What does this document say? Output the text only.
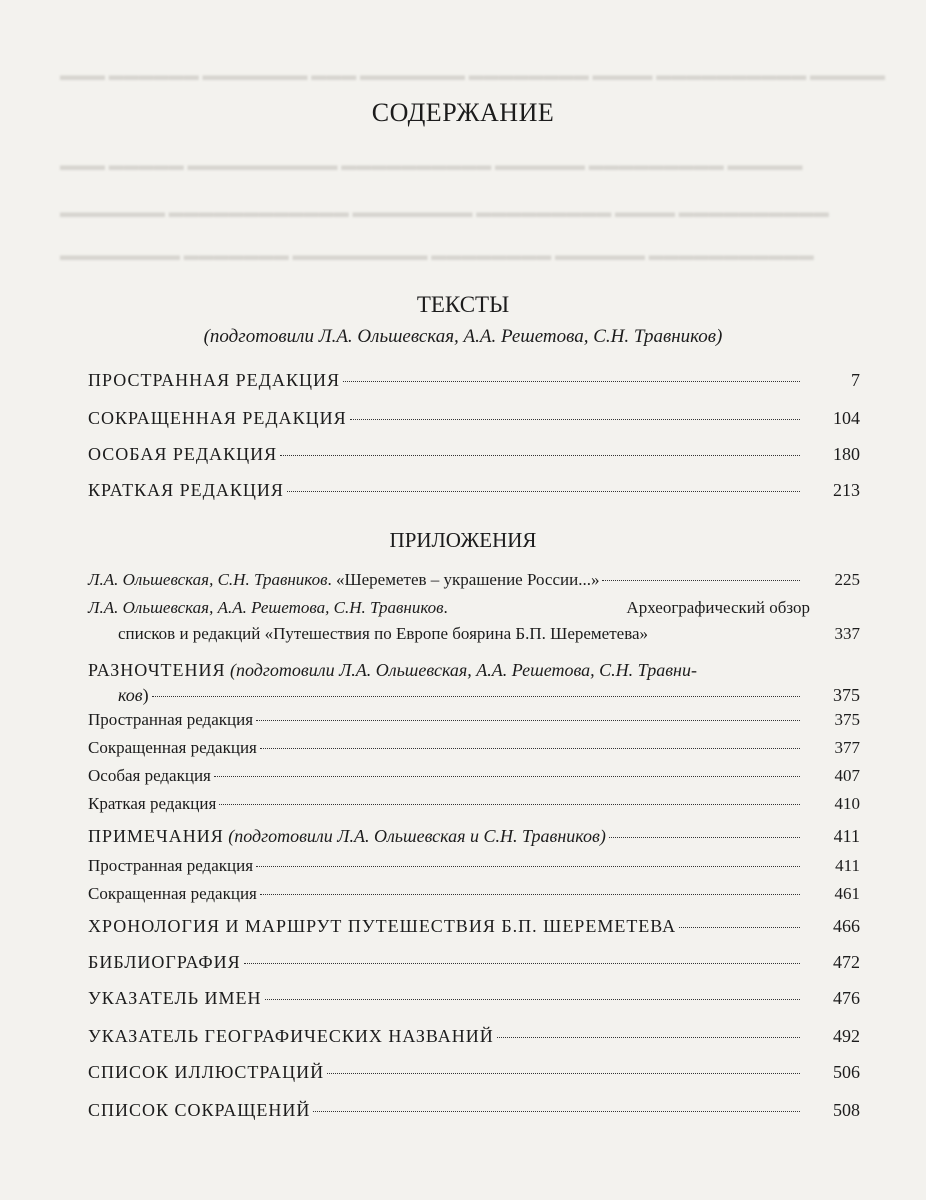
▬▬▬ ▬▬▬▬▬▬ ▬▬▬▬▬▬▬ ▬▬▬ ▬▬▬▬▬▬▬ ▬▬▬▬▬▬▬▬ ▬▬▬▬ ▬▬▬▬▬▬▬▬▬▬ ▬▬▬▬▬
▬▬▬ ▬▬▬▬▬ ▬▬▬▬▬▬▬▬▬▬ ▬▬▬▬▬▬▬▬▬▬ ▬▬▬▬▬▬ ▬▬▬▬▬▬▬▬▬ ▬▬▬▬▬
▬▬▬▬▬▬▬ ▬▬▬▬▬▬▬▬▬▬▬▬ ▬▬▬▬▬▬▬▬ ▬▬▬▬▬▬▬▬▬ ▬▬▬▬ ▬▬▬▬▬▬▬▬▬▬
▬▬▬▬▬▬▬▬ ▬▬▬▬▬▬▬ ▬▬▬▬▬▬▬▬▬ ▬▬▬▬▬▬▬▬ ▬▬▬▬▬▬ ▬▬▬▬▬▬▬▬▬▬▬
СОДЕРЖАНИЕ
ТЕКСТЫ
(подготовили Л.А. Ольшевская, А.А. Решетова, С.Н. Травников)
ПРОСТРАННАЯ РЕДАКЦИЯ	7
СОКРАЩЕННАЯ РЕДАКЦИЯ	104
ОСОБАЯ РЕДАКЦИЯ	180
КРАТКАЯ РЕДАКЦИЯ	213
ПРИЛОЖЕНИЯ
Л.А. Ольшевская, С.Н. Травников. «Шереметев – украшение России...»	225
Л.А. Ольшевская, А.А. Решетова, С.Н. Травников.	Археографический обзор
списков и редакций «Путешествия по Европе боярина Б.П. Шереметева»	337
РАЗНОЧТЕНИЯ (подготовили Л.А. Ольшевская, А.А. Решетова, С.Н. Травни-
ков )	375
Пространная редакция	375
Сокращенная редакция	377
Особая редакция	407
Краткая редакция	410
ПРИМЕЧАНИЯ (подготовили Л.А. Ольшевская и С.Н. Травников)	411
Пространная редакция	411
Сокращенная редакция	461
ХРОНОЛОГИЯ И МАРШРУТ ПУТЕШЕСТВИЯ Б.П. ШЕРЕМЕТЕВА	466
БИБЛИОГРАФИЯ	472
УКАЗАТЕЛЬ ИМЕН	476
УКАЗАТЕЛЬ ГЕОГРАФИЧЕСКИХ НАЗВАНИЙ	492
СПИСОК ИЛЛЮСТРАЦИЙ	506
СПИСОК СОКРАЩЕНИЙ	508
